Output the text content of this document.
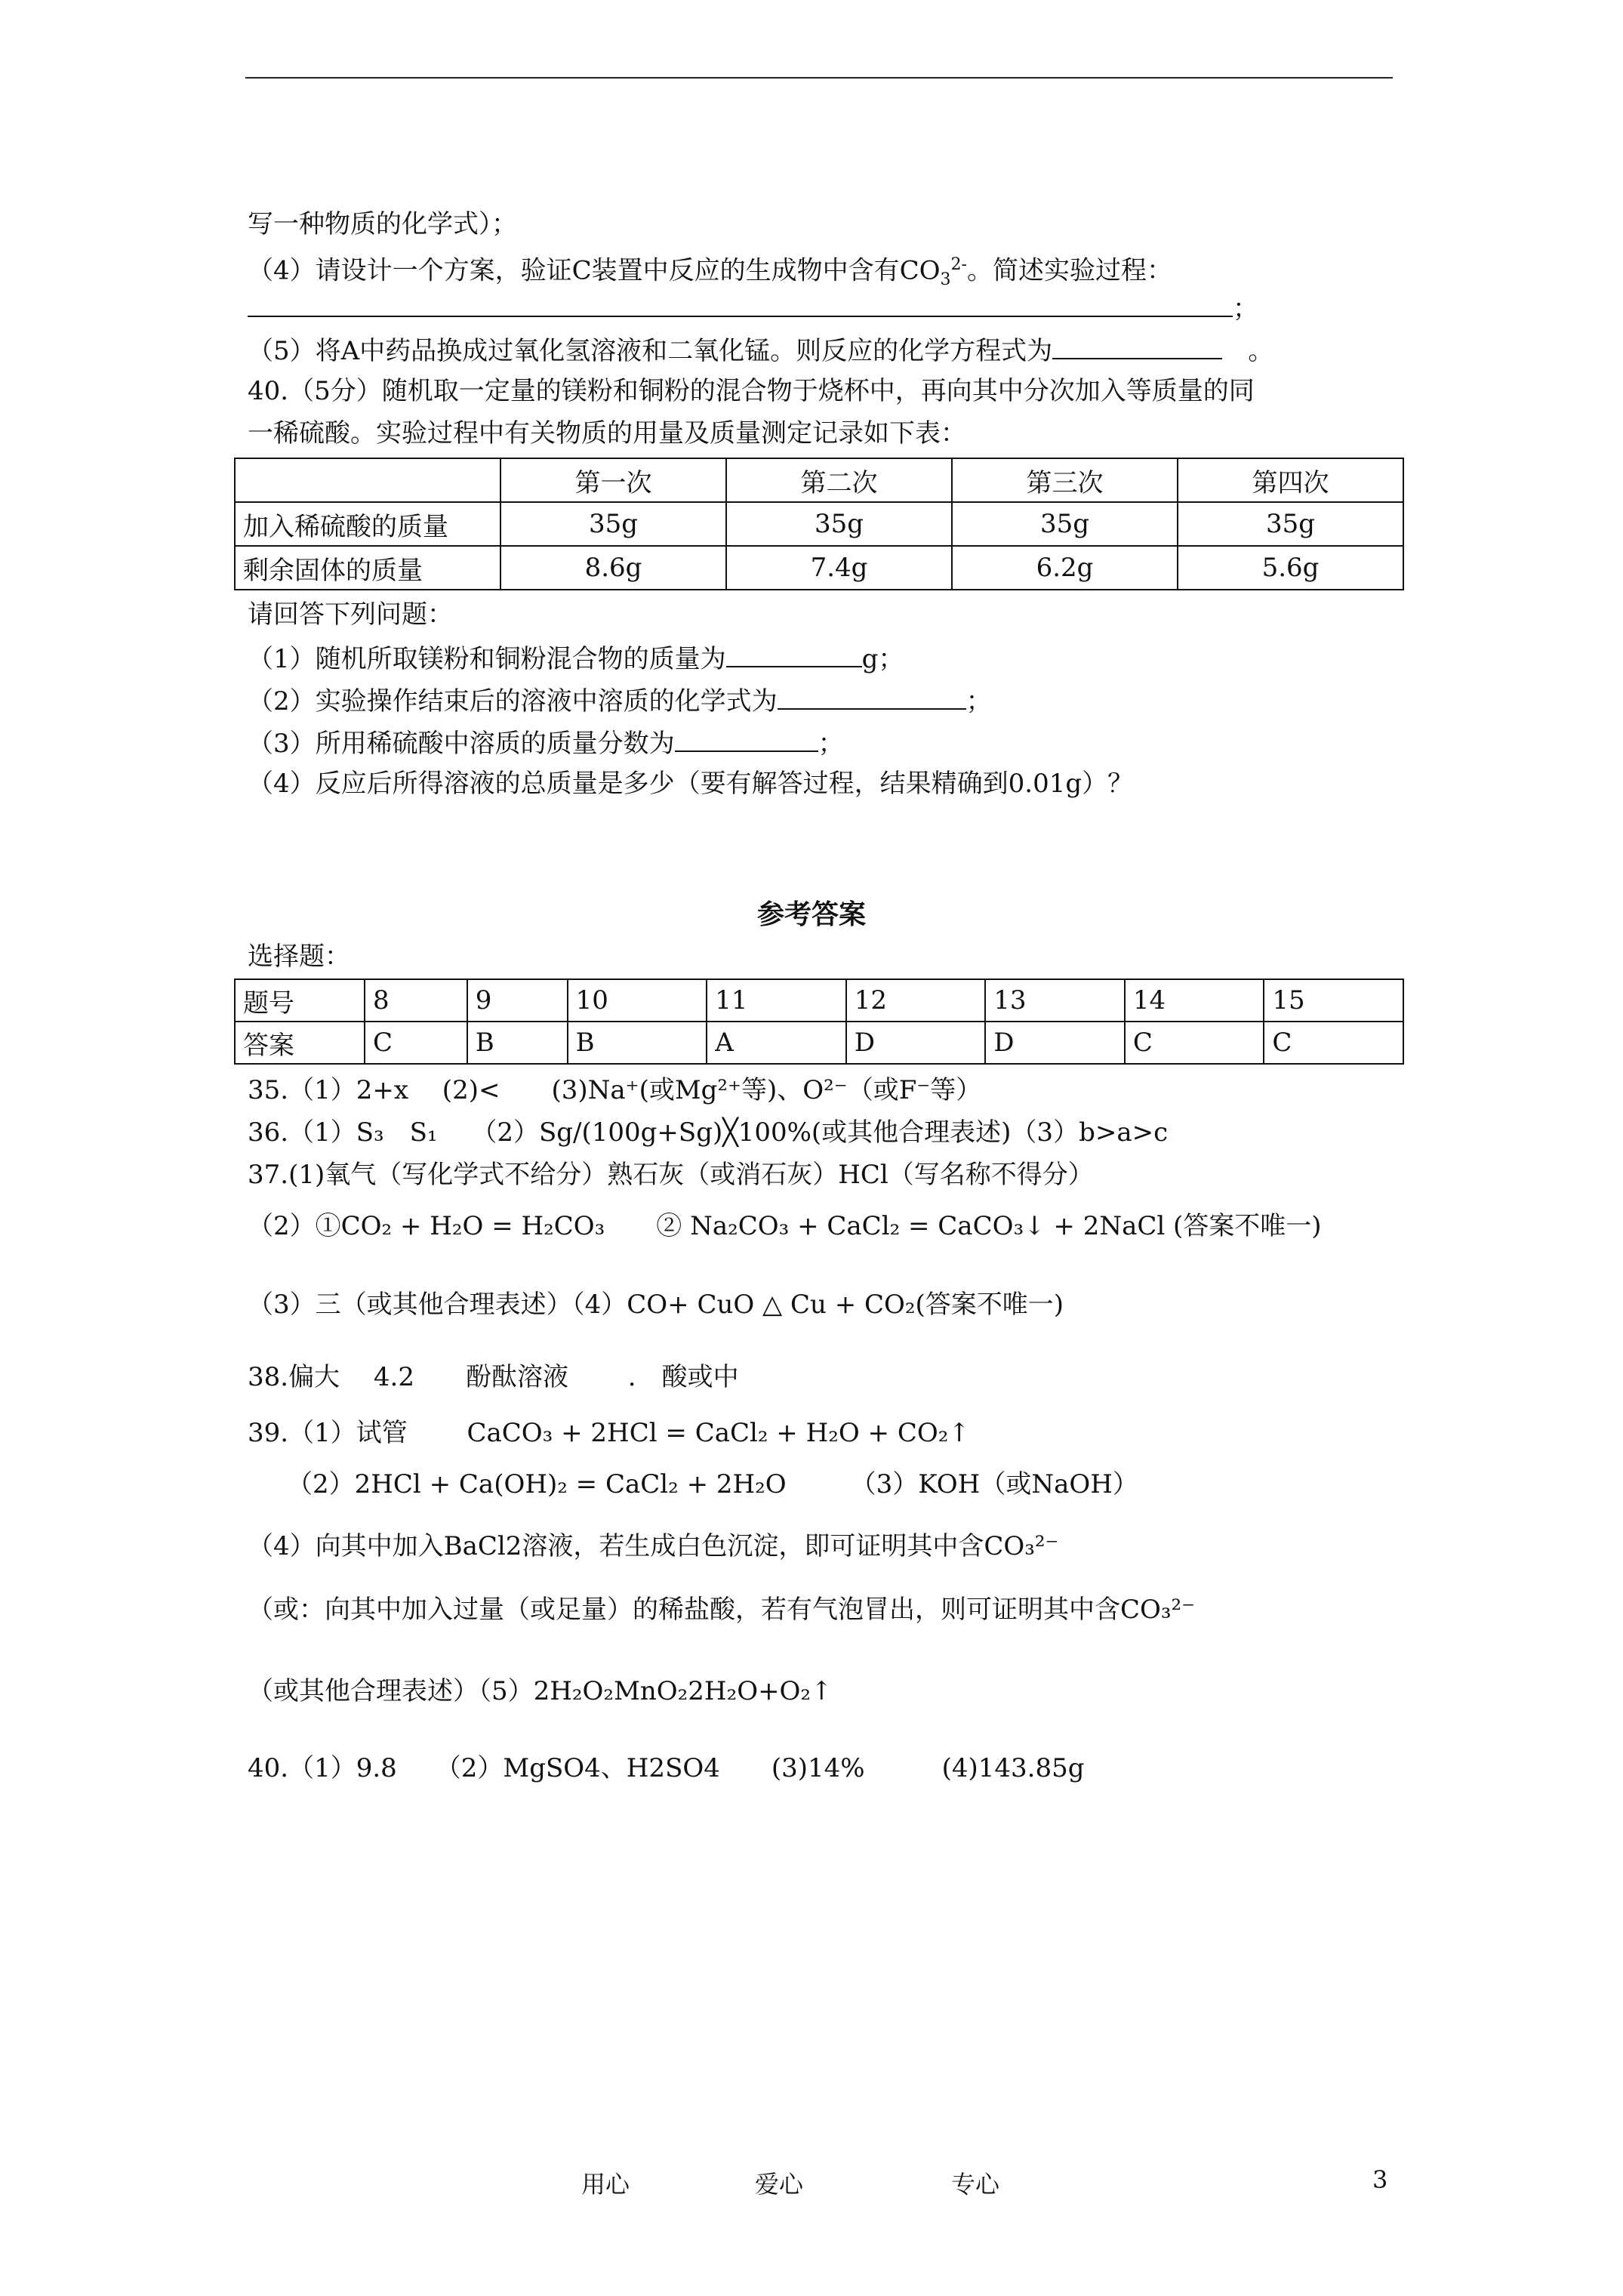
写一种物质的化学式）；
（4）请设计一个方案，验证C装置中反应的生成物中含有$CO_3^{2-}$。简述实验过程：
；
（5）将A中药品换成过氧化氢溶液和二氧化锰。则反应的化学方程式为　	。
40.（5分）随机取一定量的镁粉和铜粉的混合物于烧杯中，再向其中分次加入等质量的同
一稀硫酸。实验过程中有关物质的用量及质量测定记录如下表：
	第一次	第二次	第三次	第四次
加入稀硫酸的质量	35g	35g	35g	35g
剩余固体的质量	8.6g	7.4g	6.2g	5.6g
请回答下列问题：
（1）随机所取镁粉和铜粉混合物的质量为	g；
（2）实验操作结束后的溶液中溶质的化学式为	；
（3）所用稀硫酸中溶质的质量分数为	；
（4）反应后所得溶液的总质量是多少（要有解答过程，结果精确到0.01g）？
参考答案
选择题：
题号	8	9	10	11	12	13	14	15
答案	C	B	B	A	D	D	C	C
35.（1）2+x　 (2)<　　(3)Na⁺(或Mg²⁺等)、O²⁻（或F⁻等）
36.（1）S₃　S₁　 （2）Sg/(100g+Sg)╳100%(或其他合理表述)（3）b>a>c
37.(1)氧气（写化学式不给分）熟石灰（或消石灰）HCl（写名称不得分）
（2）①CO₂ + H₂O = H₂CO₃　　② Na₂CO₃ + CaCl₂ = CaCO₃↓ + 2NaCl (答案不唯一)
（3）三（或其他合理表述）（4）CO+ CuO △ Cu + CO₂(答案不唯一)
38.偏大　 4.2　　酚酞溶液　　 .　酸或中
39.（1）试管　　 CaCO₃ + 2HCl = CaCl₂ + H₂O + CO₂↑
（2）2HCl + Ca(OH)₂ = CaCl₂ + 2H₂O　　　（3）KOH（或NaOH）
（4）向其中加入BaCl2溶液，若生成白色沉淀，即可证明其中含CO₃²⁻
（或：向其中加入过量（或足量）的稀盐酸，若有气泡冒出，则可证明其中含CO₃²⁻
（或其他合理表述）（5）2H₂O₂MnO₂2H₂O+O₂↑
40.（1）9.8　　（2）MgSO4、H2SO4　　(3)14%　　　(4)143.85g
用心	爱心	专心	3
